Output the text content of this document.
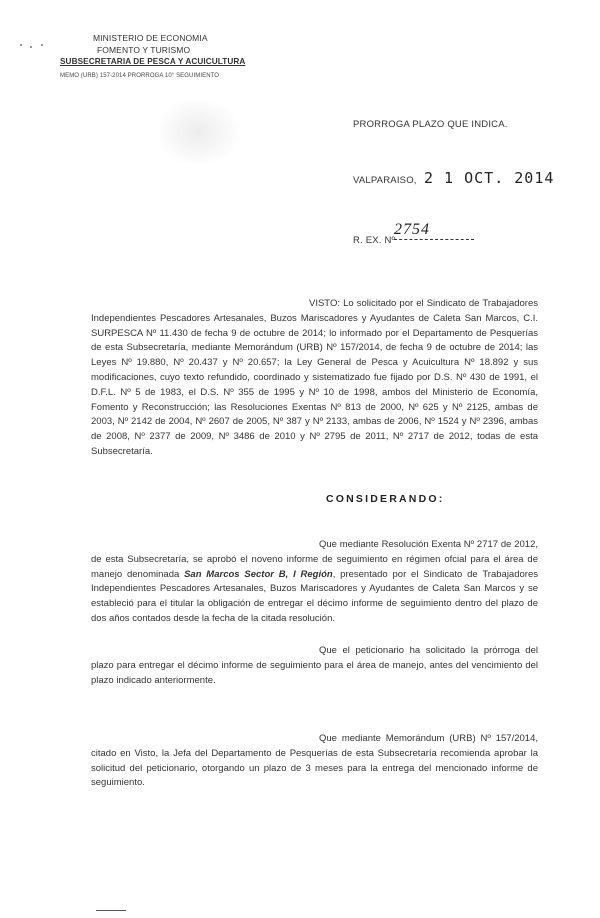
MINISTERIO DE ECONOMIA
FOMENTO Y TURISMO
SUBSECRETARIA DE PESCA Y ACUICULTURA
MEMO (URB) 157-2014 PRORROGA 10° SEGUIMIENTO
PRORROGA PLAZO QUE INDICA.
VALPARAISO, 2 1 OCT. 2014
R. EX. Nº
2754
VISTO: Lo solicitado por el Sindicato de Trabajadores Independientes Pescadores Artesanales, Buzos Mariscadores y Ayudantes de Caleta San Marcos, C.I. SURPESCA Nº 11.430 de fecha 9 de octubre de 2014; lo informado por el Departamento de Pesquerías de esta Subsecretaría, mediante Memorándum (URB) Nº 157/2014, de fecha 9 de octubre de 2014; las Leyes Nº 19.880, Nº 20.437 y Nº 20.657; la Ley General de Pesca y Acuicultura Nº 18.892 y sus modificaciones, cuyo texto refundido, coordinado y sistematizado fue fijado por D.S. Nº 430 de 1991, el D.F.L. Nº 5 de 1983, el D.S. Nº 355 de 1995 y Nº 10 de 1998, ambos del Ministerio de Economía, Fomento y Reconstrucción; las Resoluciones Exentas Nº 813 de 2000, Nº 625 y Nº 2125, ambas de 2003, Nº 2142 de 2004, Nº 2607 de 2005, Nº 387 y Nº 2133, ambas de 2006, Nº 1524 y Nº 2396, ambas de 2008, Nº 2377 de 2009, Nº 3486 de 2010 y Nº 2795 de 2011, Nº 2717 de 2012, todas de esta Subsecretaría.
CONSIDERANDO:
Que mediante Resolución Exenta Nº 2717 de 2012, de esta Subsecretaría, se aprobó el noveno informe de seguimiento en régimen ofcial para el área de manejo denominada San Marcos Sector B, I Región, presentado por el Sindicato de Trabajadores Independientes Pescadores Artesanales, Buzos Mariscadores y Ayudantes de Caleta San Marcos y se estableció para el titular la obligación de entregar el décimo informe de seguimiento dentro del plazo de dos años contados desde la fecha de la citada resolución.
Que el peticionario ha solicitado la prórroga del plazo para entregar el décimo informe de seguimiento para el área de manejo, antes del vencimiento del plazo indicado anteriormente.
Que mediante Memorándum (URB) Nº 157/2014, citado en Visto, la Jefa del Departamento de Pesquerías de esta Subsecretaría recomienda aprobar la solicitud del peticionario, otorgando un plazo de 3 meses para la entrega del mencionado informe de seguimiento.
